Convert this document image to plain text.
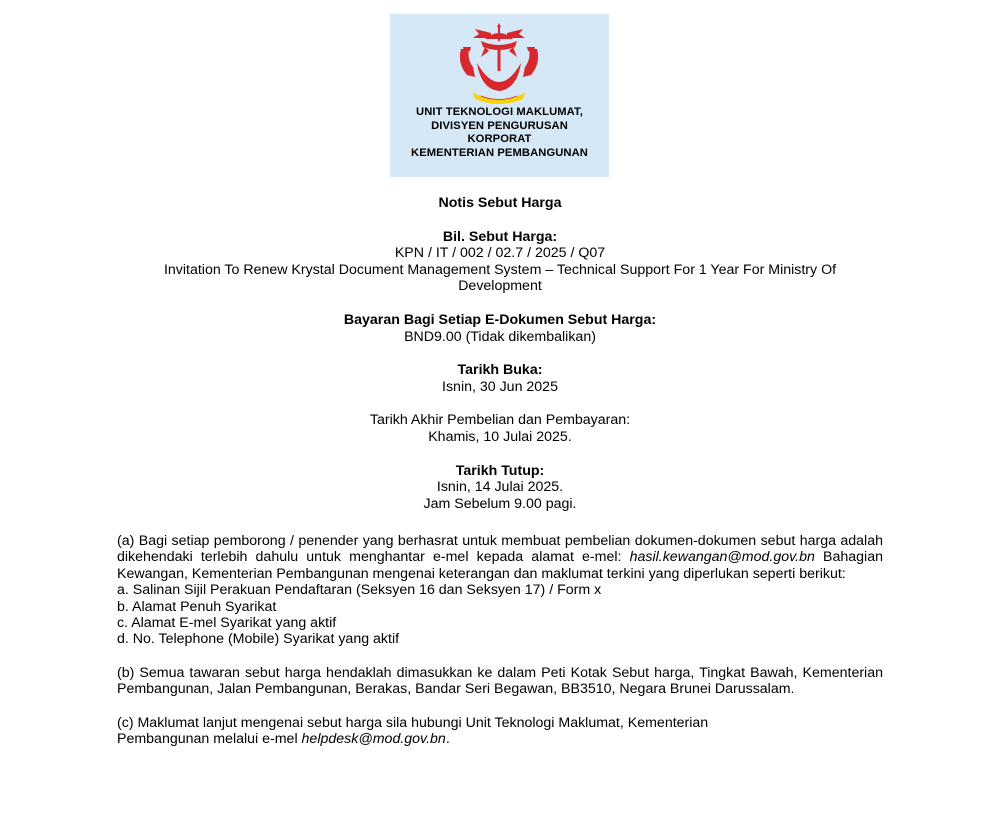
UNIT TEKNOLOGI MAKLUMAT,
DIVISYEN PENGURUSAN
KORPORAT
KEMENTERIAN PEMBANGUNAN
Notis Sebut Harga
Bil. Sebut Harga:
KPN / IT / 002 / 02.7 / 2025 / Q07
Invitation To Renew Krystal Document Management System – Technical Support For 1 Year For Ministry Of
Development
Bayaran Bagi Setiap E-Dokumen Sebut Harga:
BND9.00 (Tidak dikembalikan)
Tarikh Buka:
Isnin, 30 Jun 2025
Tarikh Akhir Pembelian dan Pembayaran:
Khamis, 10 Julai 2025.
Tarikh Tutup:
Isnin, 14 Julai 2025.
Jam Sebelum 9.00 pagi.
(a) Bagi setiap pemborong / penender yang berhasrat untuk membuat pembelian dokumen-dokumen sebut harga adalah dikehendaki terlebih dahulu untuk menghantar e-mel kepada alamat e-mel: hasil.kewangan@mod.gov.bn Bahagian Kewangan, Kementerian Pembangunan mengenai keterangan dan maklumat terkini yang diperlukan seperti berikut:
a. Salinan Sijil Perakuan Pendaftaran (Seksyen 16 dan Seksyen 17) / Form x
b. Alamat Penuh Syarikat
c. Alamat E-mel Syarikat yang aktif
d. No. Telephone (Mobile) Syarikat yang aktif
(b) Semua tawaran sebut harga hendaklah dimasukkan ke dalam Peti Kotak Sebut harga, Tingkat Bawah, Kementerian Pembangunan, Jalan Pembangunan, Berakas, Bandar Seri Begawan, BB3510, Negara Brunei Darussalam.
(c) Maklumat lanjut mengenai sebut harga sila hubungi Unit Teknologi Maklumat, Kementerian
Pembangunan melalui e-mel helpdesk@mod.gov.bn.
